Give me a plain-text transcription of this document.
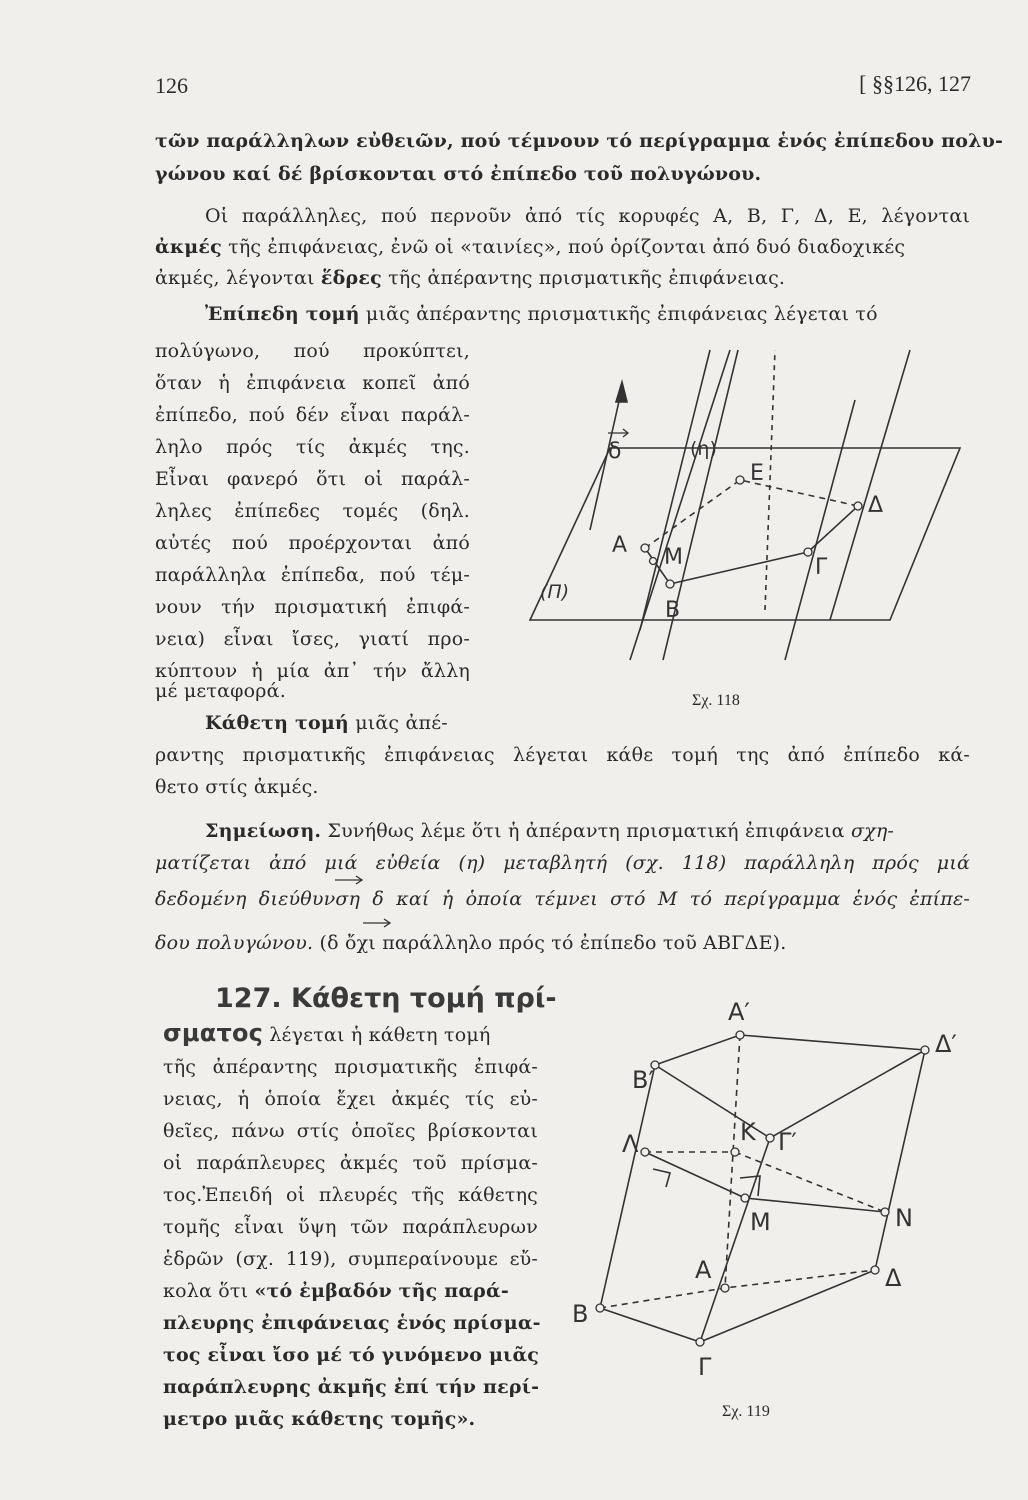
126	[ §§126, 127
τῶν παράλληλων εὐθειῶν, πού τέμνουν τό περίγραμμα ἑνός ἐπίπεδου πολυ-
γώνου καί δέ βρίσκονται στό ἐπίπεδο τοῦ πολυγώνου.
Οἱ παράλληλες, πού περνοῦν ἀπό τίς κορυφές Α, Β, Γ, Δ, Ε, λέγονται
ἀκμές τῆς ἐπιφάνειας, ἐνῶ οἱ «ταινίες», πού ὁρίζονται ἀπό δυό διαδοχικές
ἀκμές, λέγονται ἕδρες τῆς ἀπέραντης πρισματικῆς ἐπιφάνειας.
Ἐπίπεδη τομή μιᾶς ἀπέραντης πρισματικῆς ἐπιφάνειας λέγεται τό
πολύγωνο, πού προκύπτει,
ὅταν ἡ ἐπιφάνεια κοπεῖ ἀπό
ἐπίπεδο, πού δέν εἶναι παράλ-
ληλο πρός τίς ἀκμές της.
Εἶναι φανερό ὅτι οἱ παράλ-
ληλες ἐπίπεδες τομές (δηλ.
αὐτές πού προέρχονται ἀπό
παράλληλα ἐπίπεδα, πού τέμ-
νουν τήν πρισματική ἐπιφά-
νεια) εἶναι ἴσες, γιατί προ-
κύπτουν ἡ μία ἀπ᾽ τήν ἄλλη
μέ μεταφορά.
Κάθετη τομή μιᾶς ἀπέ-
ραντης πρισματικῆς ἐπιφάνειας λέγεται κάθε τομή της ἀπό ἐπίπεδο κά-
θετο στίς ἀκμές.
Σημείωση. Συνήθως λέμε ὅτι ἡ ἀπέραντη πρισματική ἐπιφάνεια σχη-
ματίζεται ἀπό μιά εὐθεία (η) μεταβλητή (σχ. 118) παράλληλη πρός μιά
δεδομένη διεύθυνση δ καί ἡ ὁποία τέμνει στό Μ τό περίγραμμα ἑνός ἐπίπε-
δου πολυγώνου. (δ ὄχι παράλληλο πρός τό ἐπίπεδο τοῦ ΑΒΓΔΕ).
127. Κάθετη τομή πρί-
σματος λέγεται ἡ κάθετη τομή
τῆς ἀπέραντης πρισματικῆς ἐπιφά-
νειας, ἡ ὁποία ἔχει ἀκμές τίς εὐ-
θεῖες, πάνω στίς ὁποῖες βρίσκονται
οἱ παράπλευρες ἀκμές τοῦ πρίσμα-
τος.Ἐπειδή οἱ πλευρές τῆς κάθετης
τομῆς εἶναι ὕψη τῶν παράπλευρων
ἑδρῶν (σχ. 119), συμπεραίνουμε εὔ-
κολα ὅτι «τό ἐμβαδόν τῆς παρά-
πλευρης ἐπιφάνειας ἑνός πρίσμα-
τος εἶναι ἴσο μέ τό γινόμενο μιᾶς
παράπλευρης ἀκμῆς ἐπί τήν περί-
μετρο μιᾶς κάθετης τομῆς».
δ	(η)
(Π)
Α
Β
Γ
Δ
Ε
Μ
Σχ. 118
Α′
Β′
Γ′
Δ′
Κ
Λ
Μ	Ν
Α
Β
Γ
Δ
Σχ. 119
